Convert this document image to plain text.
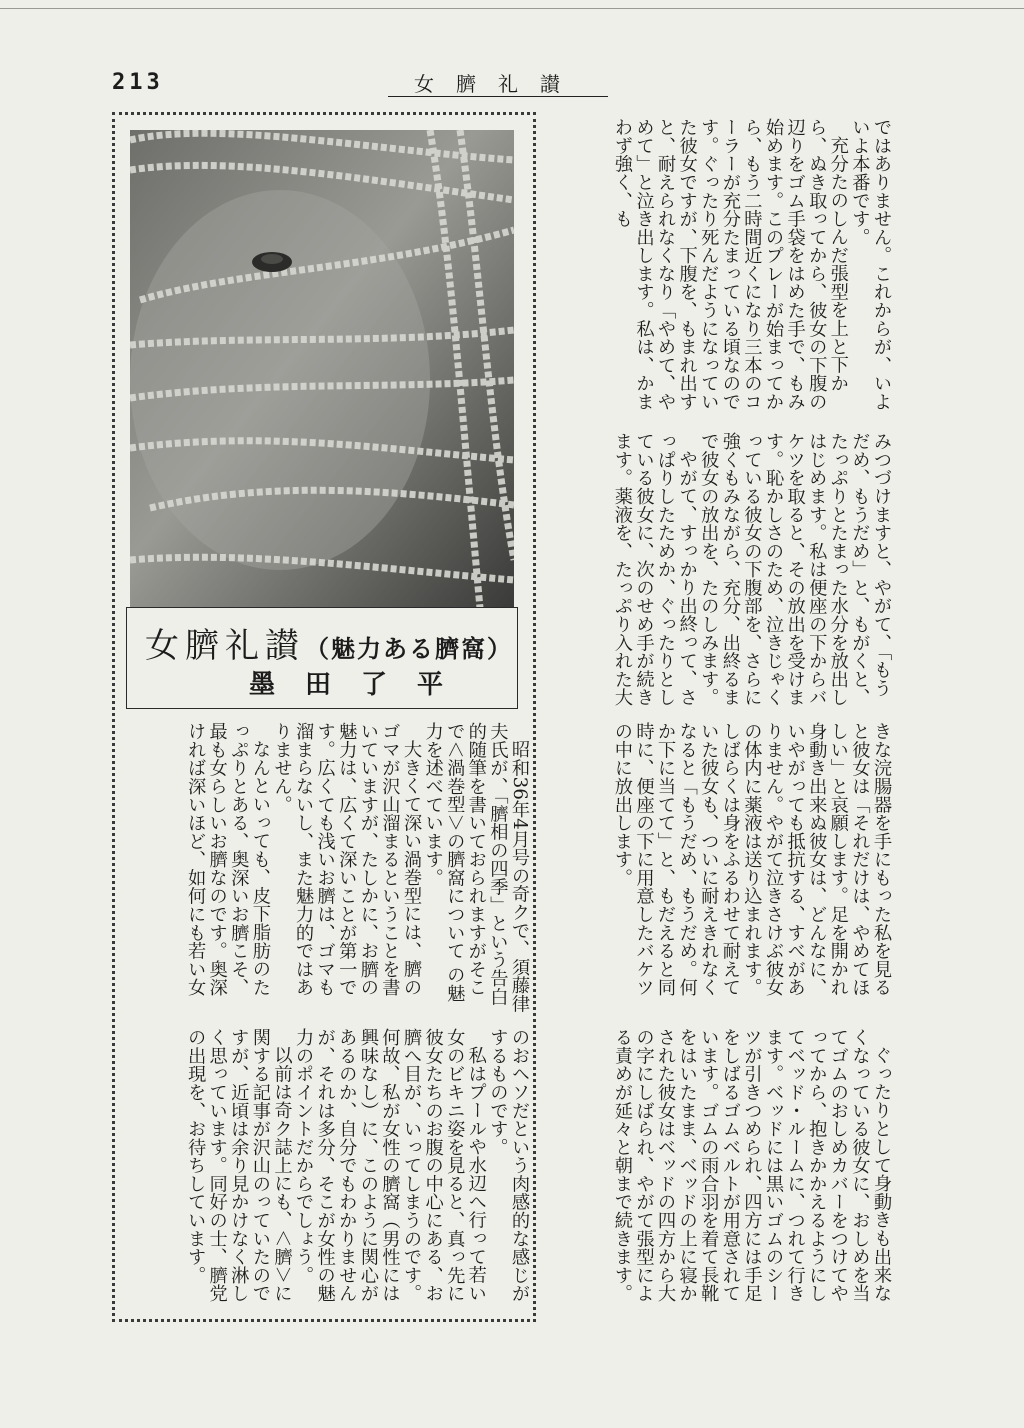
213	女臍礼讃
女臍礼讃（魅力ある臍窩）
墨田了平

ではありません。これからが、いよいよ本番です。

充分たのしんだ張型を上と下から、ぬき取ってから、彼女の下腹の辺りをゴム手袋をはめた手で、もみ始めます。このプレーが始まってから、もう二時間近くになり三本のコーラーが充分たまっている頃なのです。ぐったり死んだようになっていた彼女ですが、下腹を、もまれ出すと、耐えられなくなり「やめて、やめて」と泣き出します。私は、かまわず強く、も

みつづけますと、やがて、「もうだめ、もうだめ」と、もがくと、たっぷりとたまった水分を放出しはじめます。私は便座の下からバケツを取ると、その放出を受けます。恥かしさのため、泣きじゃくっている彼女の下腹部を、さらに強くもみながら、充分、出終るまで彼女の放出を、たのしみます。

やがて、すっかり出終って、さっぱりしたためか、ぐったりとしている彼女に、次のせめ手が続きます。薬液を、たっぷり入れた大

きな浣腸器を手にもった私を見ると彼女は「それだけは、やめてほしい」と哀願します。足を開かれ身動き出来ぬ彼女は、どんなに、いやがっても抵抗する、すべがありません。やがて泣きさけぶ彼女の体内に薬液は送り込まれます。しばらくは身をふるわせて耐えていた彼女も、ついに耐えきれなくなると「もうだめ、もうだめ。何か下に当てて」と、もだえると同時に、便座の下に用意したバケツの中に放出します。

ぐったりとして身動きも出来なくなっている彼女に、おしめを当てゴムのおしめカバーをつけてやってから、抱きかかえるようにしてベッド・ルームに、つれて行きます。ベッドには黒いゴムのシーツが引きつめられ、四方には手足をしばるゴムベルトが用意されています。ゴムの雨合羽を着て長靴をはいたまま、ベッドの上に寝かされた彼女はベッドの四方から大の字にしばられ、やがて張型による責めが延々と朝まで続きます。

昭和36年4月号の奇クで、須藤律夫氏が、「臍相の四季」という告白的随筆を書いておられますがそこで＜渦巻型＞の臍窩について の魅力を述べています。

大きくて深い渦巻型には、臍のゴマが沢山溜まるということを書いていますが、たしかに、お臍の魅力は、広くて深いことが第一です。広くても浅いお臍は、ゴマも溜まらないし、また魅力的ではありません。

なんといっても、皮下脂肪のたっぷりとある、奥深いお臍こそ、最も女らしいお臍なのです。奥深ければ深いほど、如何にも若い女

のおヘソだという肉感的な感じがするものです。

私はプールや水辺へ行って若い女のビキニ姿を見ると、真っ先に彼女たちのお腹の中心にある、お臍へ目が、いってしまうのです。何故、私が女性の臍窩（男性には興味なし）に、このように関心があるのか、自分でもわかりませんが、それは多分、そこが女性の魅力のポイントだからでしょう。

以前は奇ク誌上にも、＜臍＞に関する記事が沢山のっていたのですが、近頃は余り見かけなく淋しく思っています。同好の士、臍党の出現を、お待ちしています。
